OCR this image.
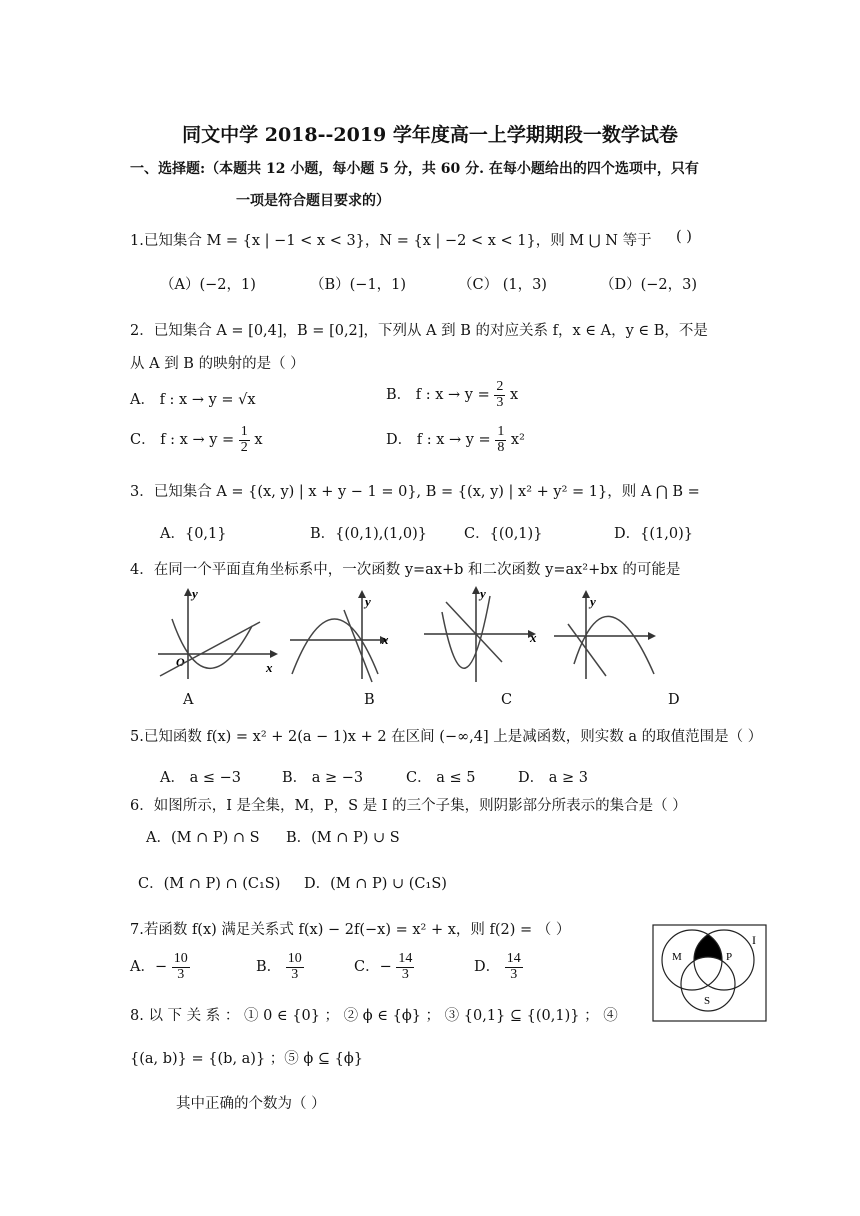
同文中学 2018--2019 学年度高一上学期期段一数学试卷
一、选择题:（本题共 12 小题，每小题 5 分，共 60 分. 在每小题给出的四个选项中，只有
一项是符合题目要求的）
1.已知集合 M = {x | −1 < x < 3}，N = {x | −2 < x < 1}，则 M ⋃ N 等于 ( )
（A）(−2，1)	（B）(−1，1)	（C） (1，3)	（D）(−2，3)
2．已知集合 A = [0,4]，B = [0,2]，下列从 A 到 B 的对应关系 f，x ∈ A，y ∈ B，不是
从 A 到 B 的映射的是（ ）
A． f : x → y = √x	B． f : $x \to y = \frac{2}{3}$ x
C． f : $x \to y = \frac{1}{2}$ x	D． f : $x \to y = \frac{1}{8} x^2$
3．已知集合 A = {(x, y) | x + y − 1 = 0}, B = {(x, y) | x² + y² = 1}，则 A ⋂ B =
A．{0,1}	B．{(0,1),(1,0)}	C．{(0,1)}	D．{(1,0)}
4．在同一个平面直角坐标系中，一次函数 y=ax+b 和二次函数 y=ax²+bx 的可能是
x
y
O
x
y
x
y
y
A	B	C	D
5.已知函数 f(x) = x² + 2(a − 1)x + 2 在区间 (−∞,4] 上是减函数，则实数 a 的取值范围是（ ）
A． a ≤ −3	B． a ≥ −3	C． a ≤ 5	D． a ≥ 3
6．如图所示，I 是全集，M，P，S 是 I 的三个子集，则阴影部分所表示的集合是（ ）
A．(M ∩ P) ∩ S B．(M ∩ P) ∪ S
C．(M ∩ P) ∩ (C₁S) D．(M ∩ P) ∪ (C₁S)
I
M	P
S
7.若函数 f(x) 满足关系式 f(x) − 2f(−x) = x² + x，则 f(2) = （ ）
A．− $\frac{10}{3}$	B． $\frac{10}{3}$	C．− $\frac{14}{3}$	D． $\frac{14}{3}$
8. 以 下 关 系 ： ① 0 ∈ {0} ； ② ϕ ∈ {ϕ} ； ③ {0,1} ⊆ {(0,1)} ； ④
{(a, b)} = {(b, a)} ；⑤ ϕ ⊆ {ϕ}
其中正确的个数为（ ）
